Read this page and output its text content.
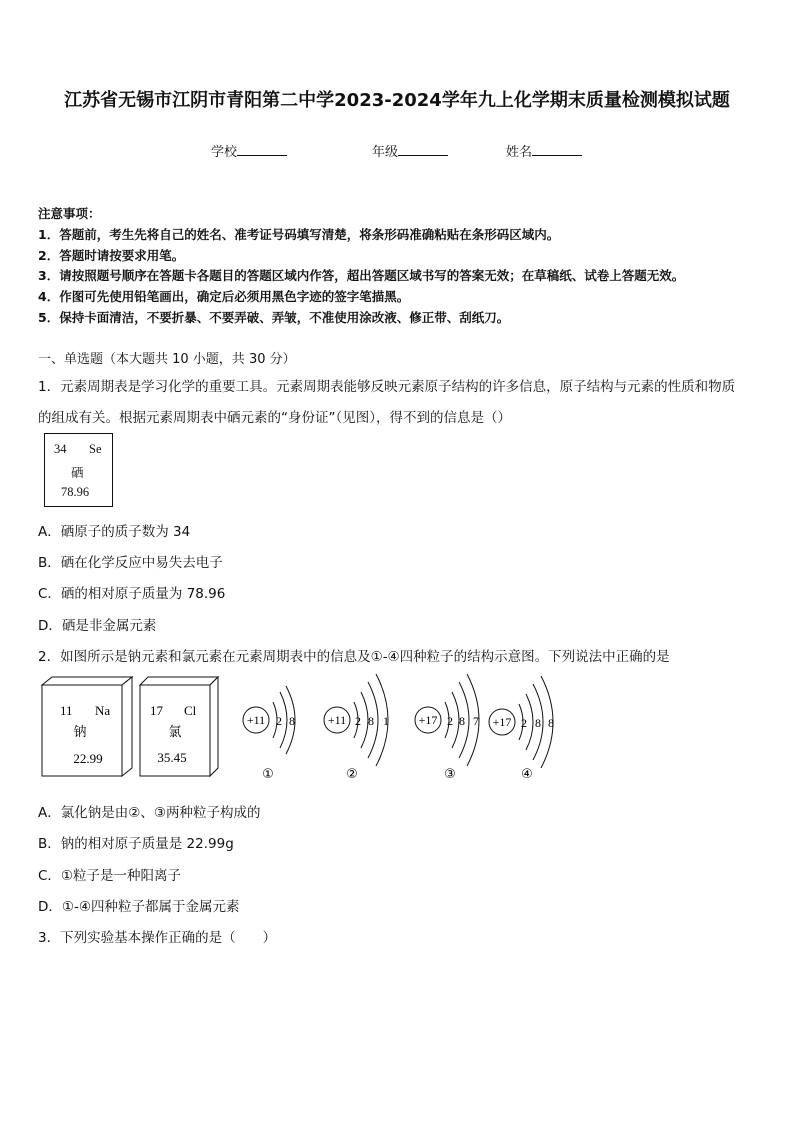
江苏省无锡市江阴市青阳第二中学2023-2024学年九上化学期末质量检测模拟试题
学校	年级	姓名
注意事项：
1．答题前，考生先将自己的姓名、准考证号码填写清楚，将条形码准确粘贴在条形码区域内。
2．答题时请按要求用笔。
3．请按照题号顺序在答题卡各题目的答题区域内作答，超出答题区域书写的答案无效；在草稿纸、试卷上答题无效。
4．作图可先使用铅笔画出，确定后必须用黑色字迹的签字笔描黑。
5．保持卡面清洁，不要折暴、不要弄破、弄皱，不准使用涂改液、修正带、刮纸刀。
一、单选题（本大题共 10 小题，共 30 分）
1．元素周期表是学习化学的重要工具。元素周期表能够反映元素原子结构的许多信息，原子结构与元素的性质和物质
的组成有关。根据元素周期表中硒元素的“身份证”（见图），得不到的信息是（）
34 Se
硒
78.96
A．硒原子的质子数为 34
B．硒在化学反应中易失去电子
C．硒的相对原子质量为 78.96
D．硒是非金属元素
2．如图所示是钠元素和氯元素在元素周期表中的信息及①-④四种粒子的结构示意图。下列说法中正确的是
11 Na
钠
22.99
17 Cl
氯
35.45
+11 2 8
①
+11 2 8 1
②
+17 2 8 7
③
+17 2 8 8
④
A．氯化钠是由②、③两种粒子构成的
B．钠的相对原子质量是 22.99g
C．①粒子是一种阳离子
D．①-④四种粒子都属于金属元素
3．下列实验基本操作正确的是（　　）
